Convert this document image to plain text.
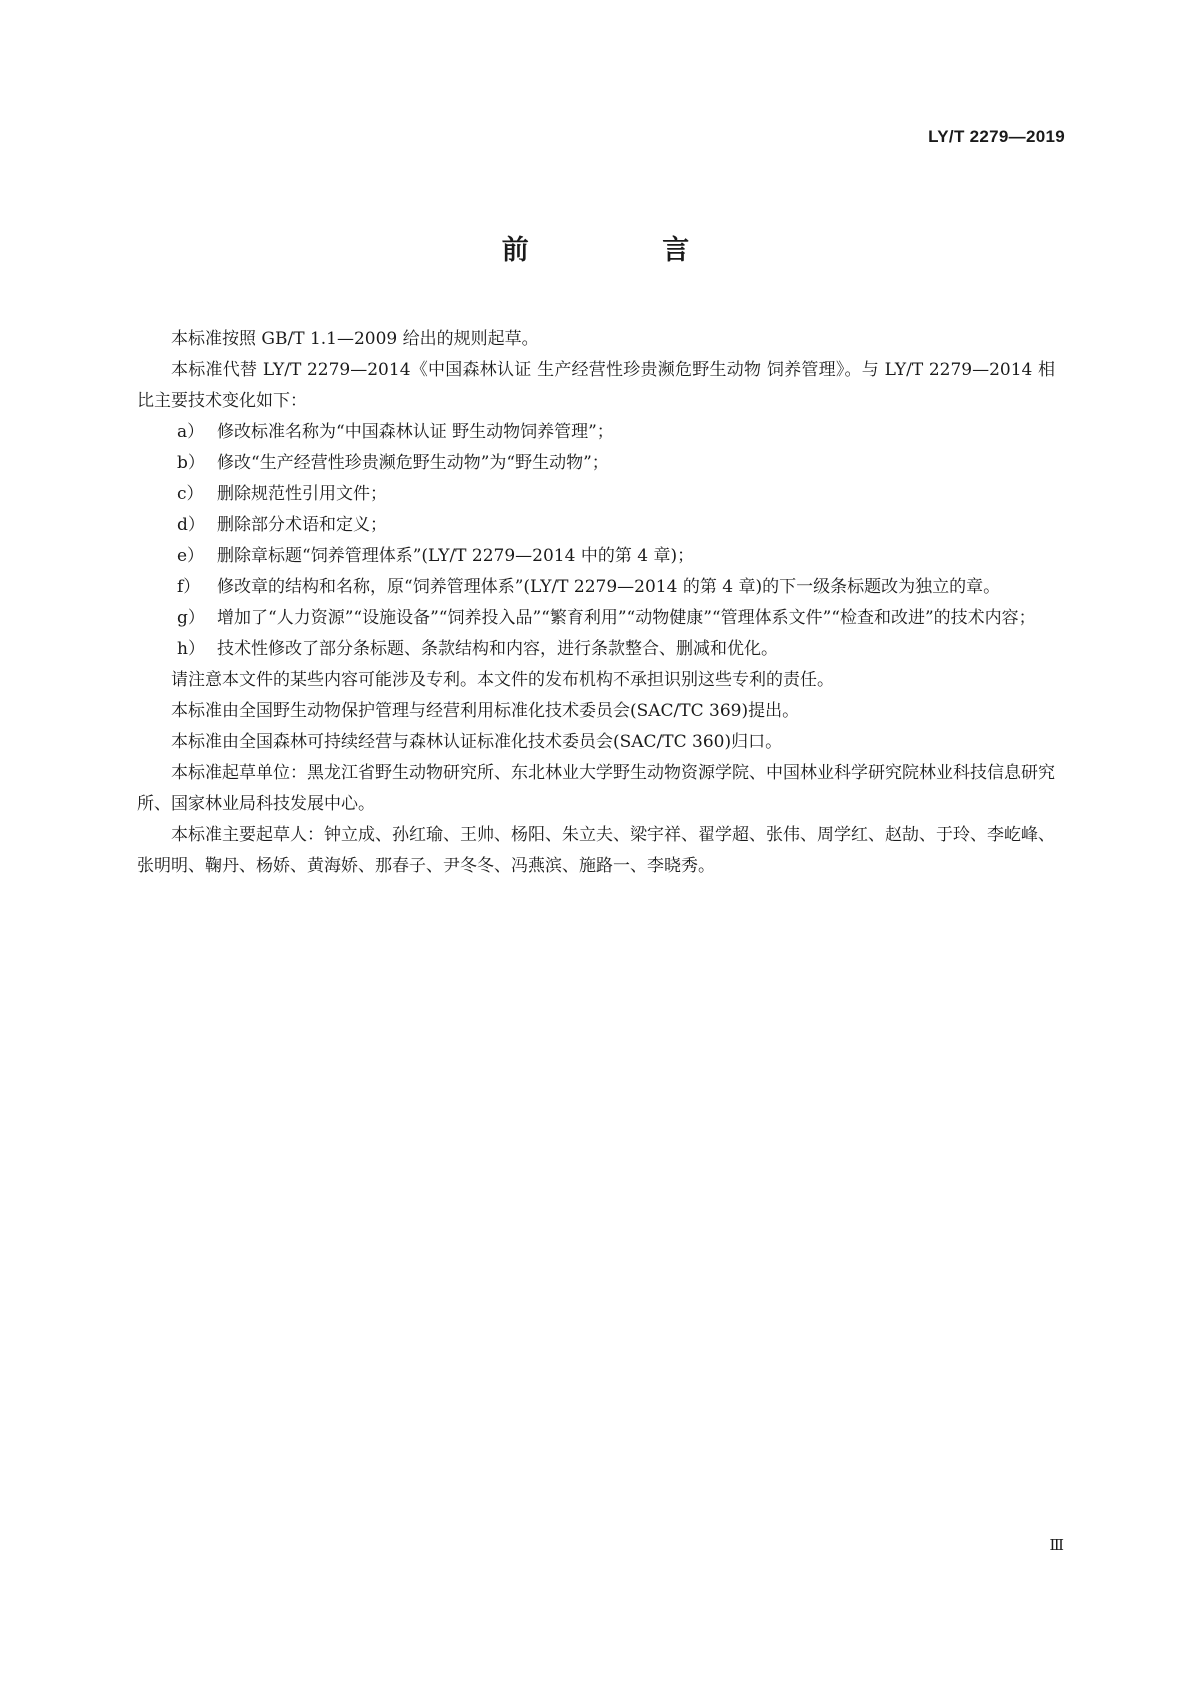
LY/T 2279—2019

前 言

本标准按照 GB/T 1.1—2009 给出的规则起草。

本标准代替 LY/T 2279—2014《中国森林认证 生产经营性珍贵濒危野生动物 饲养管理》。与 LY/T 2279—2014 相比主要技术变化如下：

a） 修改标准名称为“中国森林认证 野生动物饲养管理”；
b） 修改“生产经营性珍贵濒危野生动物”为“野生动物”；
c） 删除规范性引用文件；
d） 删除部分术语和定义；
e） 删除章标题“饲养管理体系”(LY/T 2279—2014 中的第 4 章)；
f） 修改章的结构和名称，原“饲养管理体系”(LY/T 2279—2014 的第 4 章)的下一级条标题改为独立的章。
g） 增加了“人力资源”“设施设备”“饲养投入品”“繁育利用”“动物健康”“管理体系文件”“检查和改进”的技术内容；
h） 技术性修改了部分条标题、条款结构和内容，进行条款整合、删减和优化。

请注意本文件的某些内容可能涉及专利。本文件的发布机构不承担识别这些专利的责任。

本标准由全国野生动物保护管理与经营利用标准化技术委员会(SAC/TC 369)提出。

本标准由全国森林可持续经营与森林认证标准化技术委员会(SAC/TC 360)归口。

本标准起草单位：黑龙江省野生动物研究所、东北林业大学野生动物资源学院、中国林业科学研究院林业科技信息研究所、国家林业局科技发展中心。

本标准主要起草人：钟立成、孙红瑜、王帅、杨阳、朱立夫、梁宇祥、翟学超、张伟、周学红、赵劼、于玲、李屹峰、张明明、鞠丹、杨娇、黄海娇、那春子、尹冬冬、冯燕滨、施路一、李晓秀。

Ⅲ
